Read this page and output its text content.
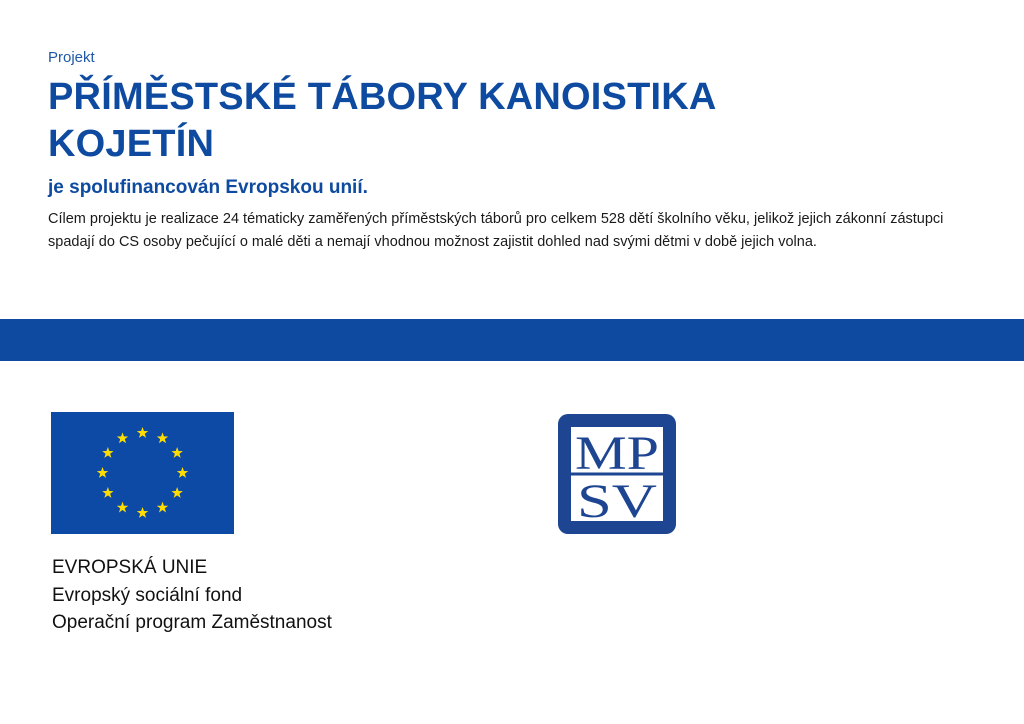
Projekt

PŘÍMĚSTSKÉ TÁBORY KANOISTIKA KOJETÍN

je spolufinancován Evropskou unií.

Cílem projektu je realizace 24 tématicky zaměřených příměstských táborů pro celkem 528 dětí školního věku, jelikož jejich zákonní zástupci spadají do CS osoby pečující o malé děti a nemají vhodnou možnost zajistit dohled nad svými dětmi v době jejich volna.

EVROPSKÁ UNIE
Evropský sociální fond
Operační program Zaměstnanost
MP
SV
